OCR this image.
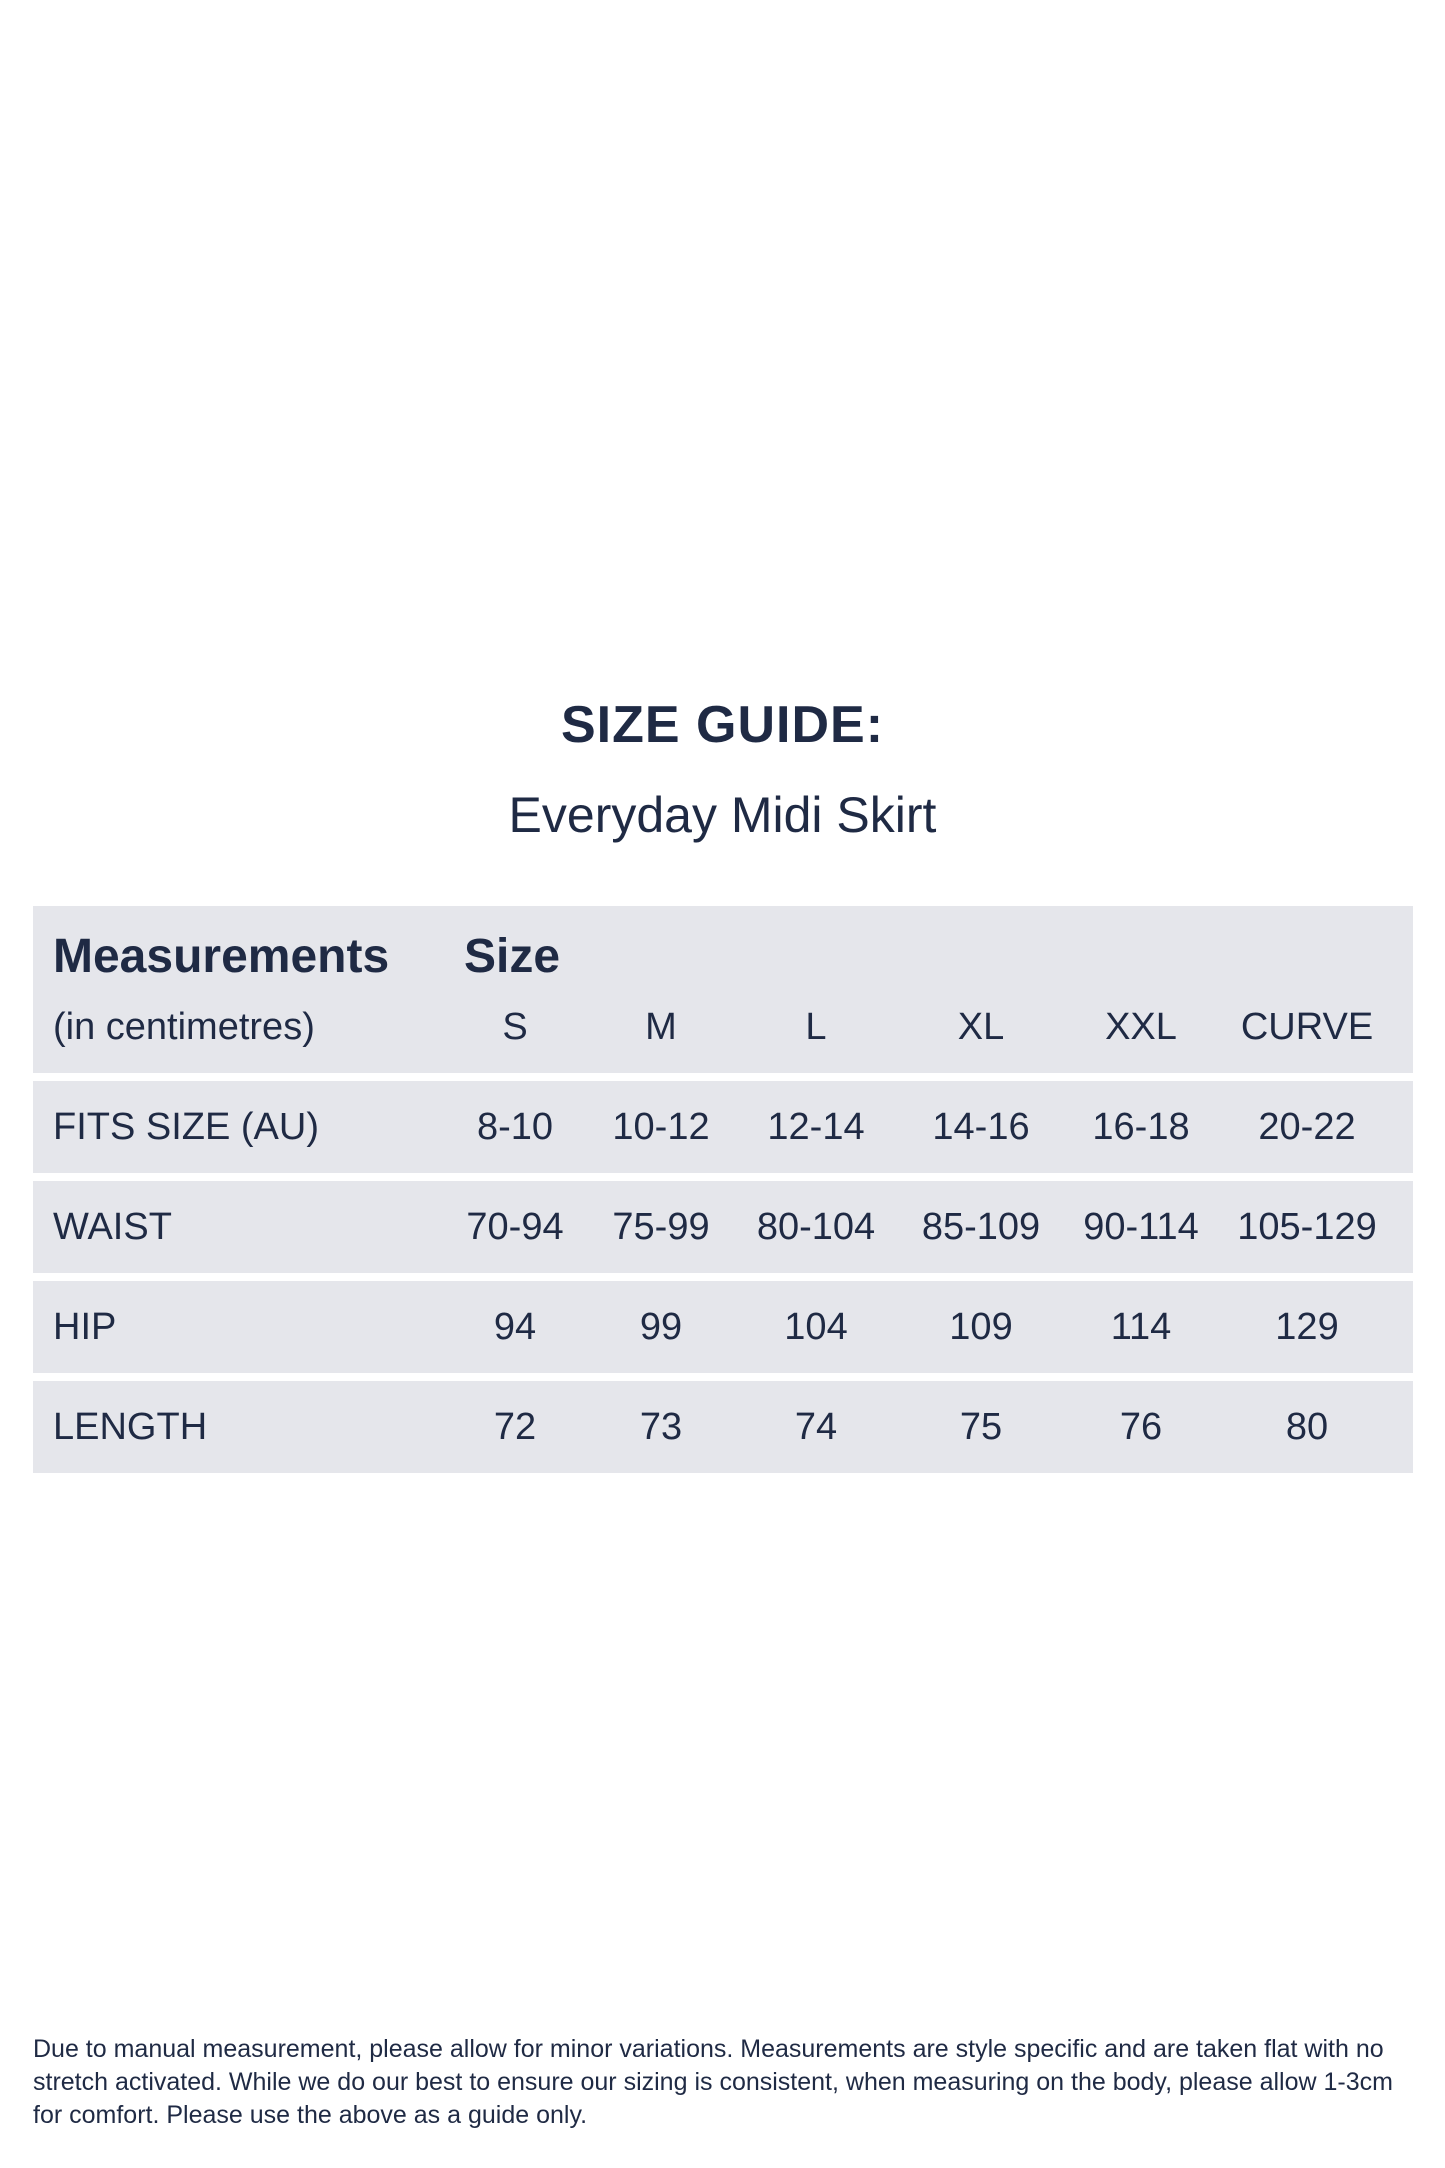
SIZE GUIDE:
Everyday Midi Skirt
Measurements Size
(in centimetres)	S	M	L	XL	XXL	CURVE
FITS SIZE (AU)	8-10	10-12	12-14	14-16	16-18	20-22
WAIST	70-94	75-99	80-104	85-109	90-114	105-129
HIP	94	99	104	109	114	129
LENGTH	72	73	74	75	76	80
Due to manual measurement, please allow for minor variations. Measurements are style specific and are taken flat with no stretch activated. While we do our best to ensure our sizing is consistent, when measuring on the body, please allow 1-3cm for comfort. Please use the above as a guide only.
